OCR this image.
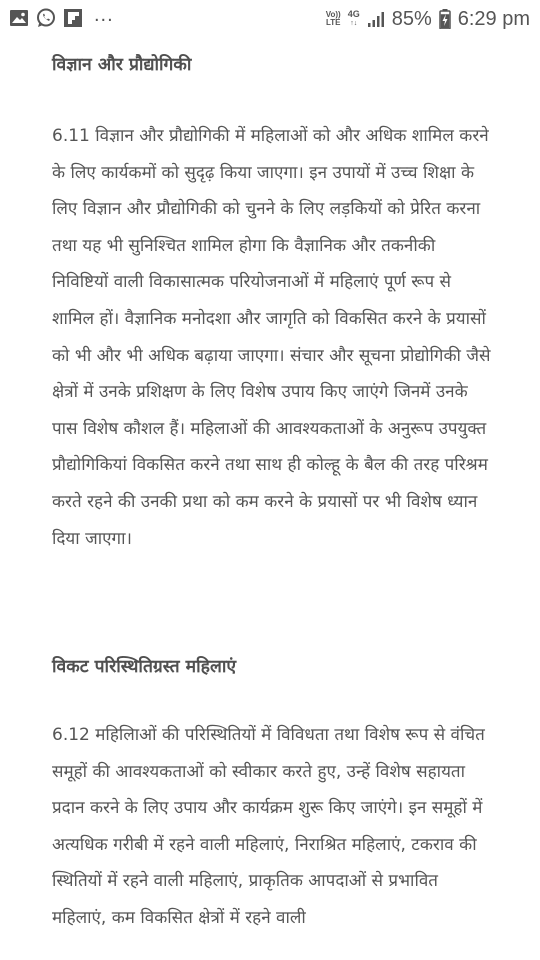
...	Vo))
LTE
4G
↑↓ 85% 6:29 pm
विज्ञान और प्रौद्योगिकी

6.11 विज्ञान और प्रौद्योगिकी में महिलाओं को और अधिक शामिल करने के लिए कार्यकमों को सुदृढ़ किया जाएगा। इन उपायों में उच्च शिक्षा के लिए विज्ञान और प्रौद्योगिकी को चुनने के लिए लड़कियों को प्रेरित करना तथा यह भी सुनिश्चित शामिल होगा कि वैज्ञानिक और तकनीकी निविष्टियों वाली विकासात्मक परियोजनाओं में महिलाएं पूर्ण रूप से शामिल हों। वैज्ञानिक मनोदशा और जागृति को विकसित करने के प्रयासों को भी और भी अधिक बढ़ाया जाएगा। संचार और सूचना प्रोद्योगिकी जैसे क्षेत्रों में उनके प्रशिक्षण के लिए विशेष उपाय किए जाएंगे जिनमें उनके पास विशेष कौशल हैं। महिलाओं की आवश्यकताओं के अनुरूप उपयुक्त प्रौद्योगिकियां विकसित करने तथा साथ ही कोल्हू के बैल की तरह परिश्रम करते रहने की उनकी प्रथा को कम करने के प्रयासों पर भी विशेष ध्यान दिया जाएगा।

विकट परिस्थितिग्रस्त महिलाएं

6.12 महिलिाओं की परिस्थितियों में विविधता तथा विशेष रूप से वंचित समूहों की आवश्यकताओं को स्वीकार करते हुए, उन्हें विशेष सहायता प्रदान करने के लिए उपाय और कार्यक्रम शुरू किए जाएंगे। इन समूहों में अत्यधिक गरीबी में रहने वाली महिलाएं, निराश्रित महिलाएं, टकराव की स्थितियों में रहने वाली महिलाएं, प्राकृतिक आपदाओं से प्रभावित महिलाएं, कम विकसित क्षेत्रों में रहने वाली
